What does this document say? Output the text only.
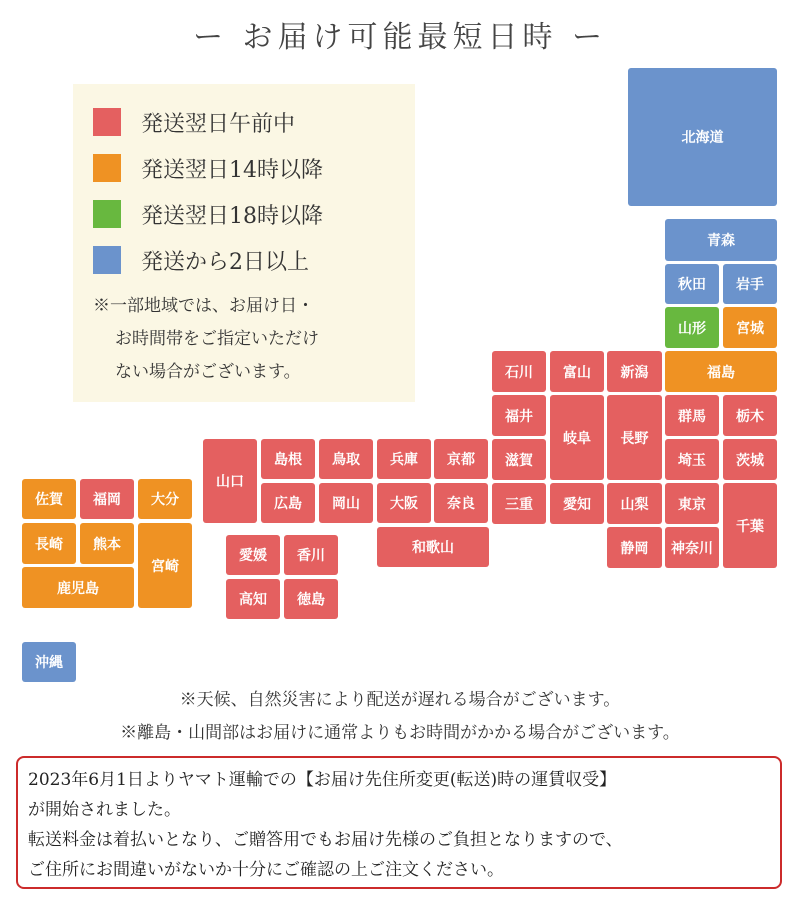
ー お届け可能最短日時 ー
発送翌日午前中
発送翌日14時以降
発送翌日18時以降
発送から2日以上
※一部地域では、お届け日・
お時間帯をご指定いただけ
ない場合がございます。
北海道
青森
秋田	岩手
山形	宮城
石川	富山	新潟	福島
福井
岐阜	長野
群馬	栃木
山口
島根	鳥取	兵庫	京都	滋賀	埼玉	茨城
広島	岡山	大阪	奈良	三重	愛知	山梨	東京
千葉
和歌山	静岡	神奈川
愛媛	香川
高知	徳島
佐賀	福岡	大分
長崎	熊本
宮崎
鹿児島
沖縄
※天候、自然災害により配送が遅れる場合がございます。
※離島・山間部はお届けに通常よりもお時間がかかる場合がございます。
2023年6月1日よりヤマト運輸での【お届け先住所変更(転送)時の運賃収受】
が開始されました。
転送料金は着払いとなり、ご贈答用でもお届け先様のご負担となりますので、
ご住所にお間違いがないか十分にご確認の上ご注文ください。
